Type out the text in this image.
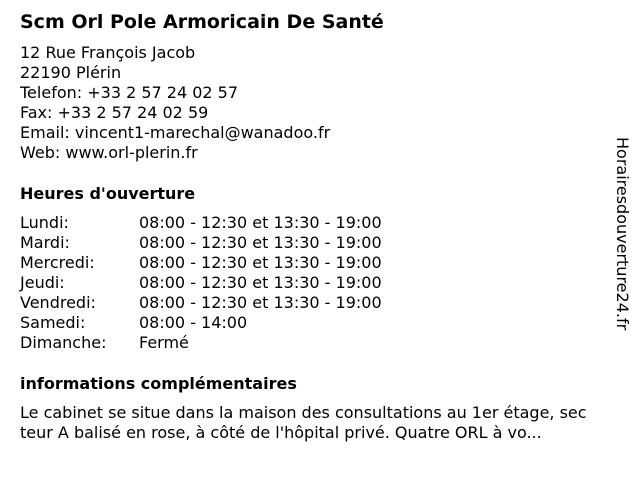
Scm Orl Pole Armoricain De Santé
12 Rue François Jacob
22190 Plérin
Telefon: +33 2 57 24 02 57
Fax: +33 2 57 24 02 59
Email: vincent1-marechal@wanadoo.fr
Web: www.orl-plerin.fr
Heures d'ouverture
Lundi:	08:00 - 12:30 et 13:30 - 19:00
Mardi:	08:00 - 12:30 et 13:30 - 19:00
Mercredi:	08:00 - 12:30 et 13:30 - 19:00
Jeudi:	08:00 - 12:30 et 13:30 - 19:00
Vendredi:	08:00 - 12:30 et 13:30 - 19:00
Samedi:	08:00 - 14:00
Dimanche: Fermé
informations complémentaires
Le cabinet se situe dans la maison des consultations au 1er étage, sec
teur A balisé en rose, à côté de l'hôpital privé. Quatre ORL à vo...
Horairesdouverture24.fr
